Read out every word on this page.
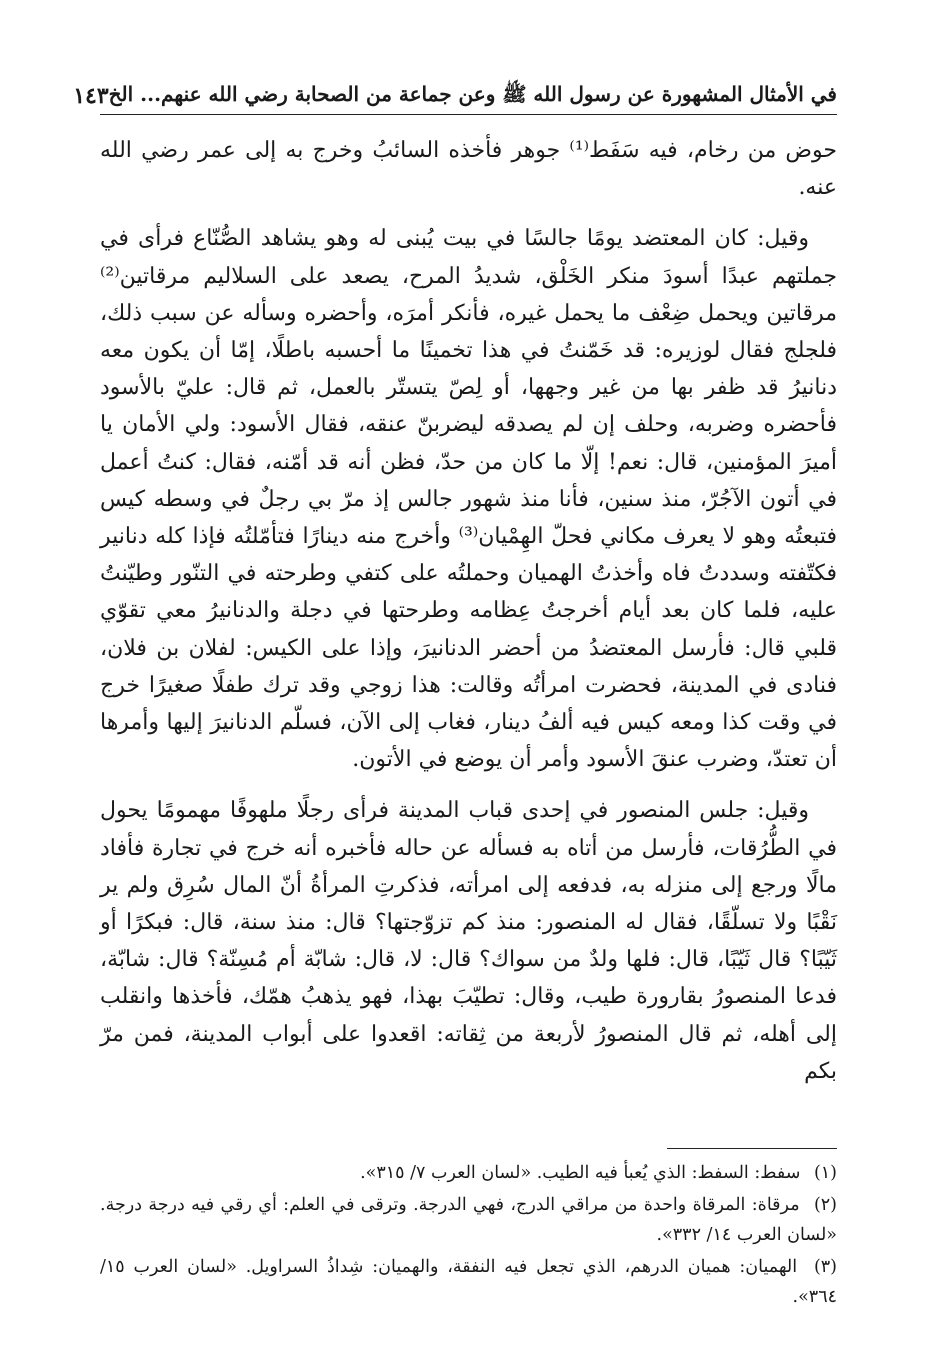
في الأمثال المشهورة عن رسول الله ﷺ وعن جماعة من الصحابة رضي الله عنهم... الخ
١٤٣

حوض من رخام، فيه سَفَط⁽¹⁾ جوهر فأخذه السائبُ وخرج به إلى عمر رضي الله عنه.

وقيل: كان المعتضد يومًا جالسًا في بيت يُبنى له وهو يشاهد الصُّنّاع فرأى في جملتهم عبدًا أسودَ منكر الخَلْق، شديدُ المرح، يصعد على السلاليم مرقاتين⁽²⁾ مرقاتين ويحمل ضِعْف ما يحمل غيره، فأنكر أمرَه، وأحضره وسأله عن سبب ذلك، فلجلج فقال لوزيره: قد خَمّنتُ في هذا تخمينًا ما أحسبه باطلًا، إمّا أن يكون معه دنانيرُ قد ظفر بها من غير وجهها، أو لِصّ يتستّر بالعمل، ثم قال: عليّ بالأسود فأحضره وضربه، وحلف إن لم يصدقه ليضربنّ عنقه، فقال الأسود: ولي الأمان يا أميرَ المؤمنين، قال: نعم! إلّا ما كان من حدّ، فظن أنه قد أمّنه، فقال: كنتُ أعمل في أتون الآجُرّ، منذ سنين، فأنا منذ شهور جالس إذ مرّ بي رجلٌ في وسطه كيس فتبعتُه وهو لا يعرف مكاني فحلّ الهِمْيان⁽³⁾ وأخرج منه دينارًا فتأمّلتُه فإذا كله دنانير فكتّفته وسددتُ فاه وأخذتُ الهميان وحملتُه على كتفي وطرحته في التنّور وطيّنتُ عليه، فلما كان بعد أيام أخرجتُ عِظامه وطرحتها في دجلة والدنانيرُ معي تقوّي قلبي قال: فأرسل المعتضدُ من أحضر الدنانيرَ، وإذا على الكيس: لفلان بن فلان، فنادى في المدينة، فحضرت امرأتُه وقالت: هذا زوجي وقد ترك طفلًا صغيرًا خرج في وقت كذا ومعه كيس فيه ألفُ دينار، فغاب إلى الآن، فسلّم الدنانيرَ إليها وأمرها أن تعتدّ، وضرب عنقَ الأسود وأمر أن يوضع في الأتون.

وقيل: جلس المنصور في إحدى قباب المدينة فرأى رجلًا ملهوفًا مهمومًا يحول في الطُّرُقات، فأرسل من أتاه به فسأله عن حاله فأخبره أنه خرج في تجارة فأفاد مالًا ورجع إلى منزله به، فدفعه إلى امرأته، فذكرتِ المرأةُ أنّ المال سُرِق ولم ير نَقْبًا ولا تسلّقًا، فقال له المنصور: منذ كم تزوّجتها؟ قال: منذ سنة، قال: فبكرًا أو ثَيّبًا؟ قال ثَيّبًا، قال: فلها ولدٌ من سواك؟ قال: لا، قال: شابّة أم مُسِنّة؟ قال: شابّة، فدعا المنصورُ بقارورة طيب، وقال: تطيّبَ بهذا، فهو يذهبُ همّك، فأخذها وانقلب إلى أهله، ثم قال المنصورُ لأربعة من ثِقاته: اقعدوا على أبواب المدينة، فمن مرّ بكم

(١) سفط: السفط: الذي يُعبأ فيه الطيب. «لسان العرب ٧/ ٣١٥».

(٢) مرقاة: المرقاة واحدة من مراقي الدرج، فهي الدرجة. وترقى في العلم: أي رقي فيه درجة درجة. «لسان العرب ١٤/ ٣٣٢».

(٣) الهميان: هميان الدرهم، الذي تجعل فيه النفقة، والهميان: شِداذُ السراويل. «لسان العرب ١٥/ ٣٦٤».
